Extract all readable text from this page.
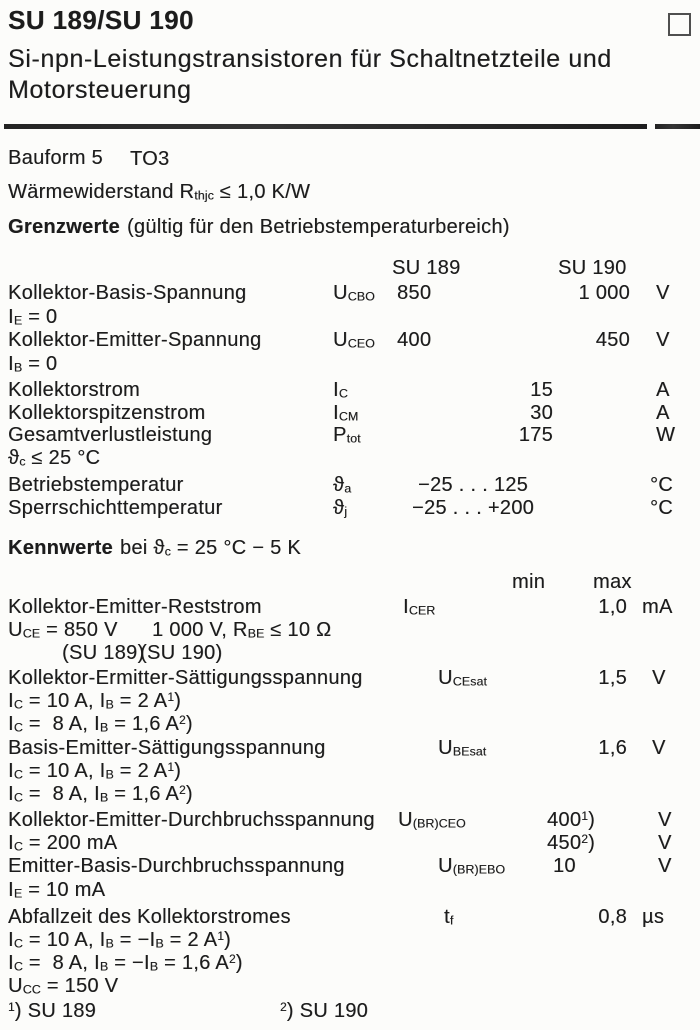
SU 189/SU 190
Si-npn-Leistungstransistoren für Schaltnetzteile und
Motorsteuerung
Bauform 5 TO3
Wärmewiderstand $R_{thjc} \le 1,0$ K/W
Grenzwerte (gültig für den Betriebstemperaturbereich)
SU 189	SU 190
Kollektor-Basis-Spannung	$U_{CBO}$ 850	1 000 V
$I_E = 0$
Kollektor-Emitter-Spannung	$U_{CEO}$ 400	450 V
$I_B = 0$
Kollektorstrom	$I_C$	15	A
Kollektorspitzenstrom	$I_{CM}$	30	A
Gesamtverlustleistung	$P_{tot}$	175	W
$ϑ_c \le 25$ °C
Betriebstemperatur	$ϑ_a$	−25 . . . 125	°C
Sperrschichttemperatur	$ϑ_j$	−25 . . . +200	°C
Kennwerte bei $ϑ_c = 25$ °C − 5 K
min max
Kollektor-Emitter-Reststrom	$I_{CER}$	1,0 mA
$U_{CE} = 850$ V 1 000 V, $R_{BE} \le 10$ Ω
(SU 189)
(SU 190)
Kollektor-Ermitter-Sättigungsspannung	$U_{CEsat}$	1,5 V
$I_C = 10$ A, $I_B = 2$ $A^1$)
$I_C = 8$ A, $I_B = 1,6$ $A^2$)
Basis-Emitter-Sättigungsspannung	$U_{BEsat}$	1,6 V
$I_C = 10$ A, $I_B = 2$ $A^1$)
$I_C = 8$ A, $I_B = 1,6$ $A^2$)
Kollektor-Emitter-Durchbruchsspannung $U_{(BR)CEO}$	$400^1$)	V
$I_C = 200$ mA	$450^2$)	V
Emitter-Basis-Durchbruchsspannung	$U_{(BR)EBO}$ 10	V
$I_E = 10$ mA
Abfallzeit des Kollektorstromes	$t_f$	0,8 µs
$I_C = 10$ A, $I_B = -I_B = 2$ $A^1$)
$I_C = 8$ A, $I_B = -I_B = 1,6$ $A^2$)
$U_{CC} = 150$ V
$^1$) SU 189	$^2$) SU 190
